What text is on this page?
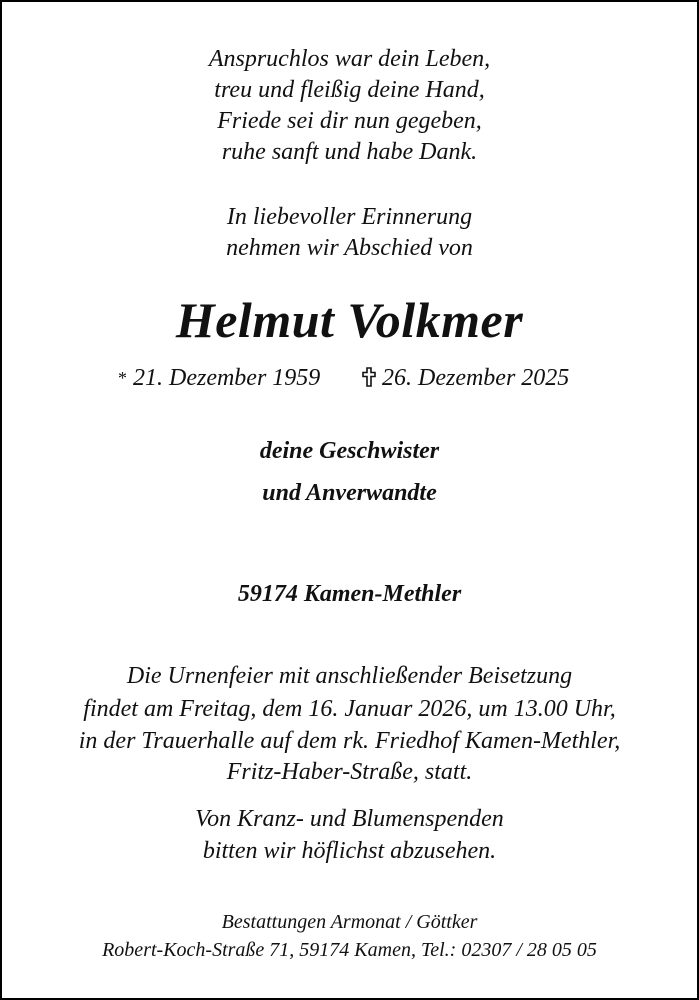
Anspruchlos war dein Leben,
treu und fleißig deine Hand,
Friede sei dir nun gegeben,
ruhe sanft und habe Dank.
In liebevoller Erinnerung
nehmen wir Abschied von
Helmut Volkmer
* 21. Dezember 1959	26. Dezember 2025
deine Geschwister
und Anverwandte
59174 Kamen-Methler
Die Urnenfeier mit anschließender Beisetzung
findet am Freitag, dem 16. Januar 2026, um 13.00 Uhr,
in der Trauerhalle auf dem rk. Friedhof Kamen-Methler,
Fritz-Haber-Straße, statt.
Von Kranz- und Blumenspenden
bitten wir höflichst abzusehen.
Bestattungen Armonat / Göttker
Robert-Koch-Straße 71, 59174 Kamen, Tel.: 02307 / 28 05 05
